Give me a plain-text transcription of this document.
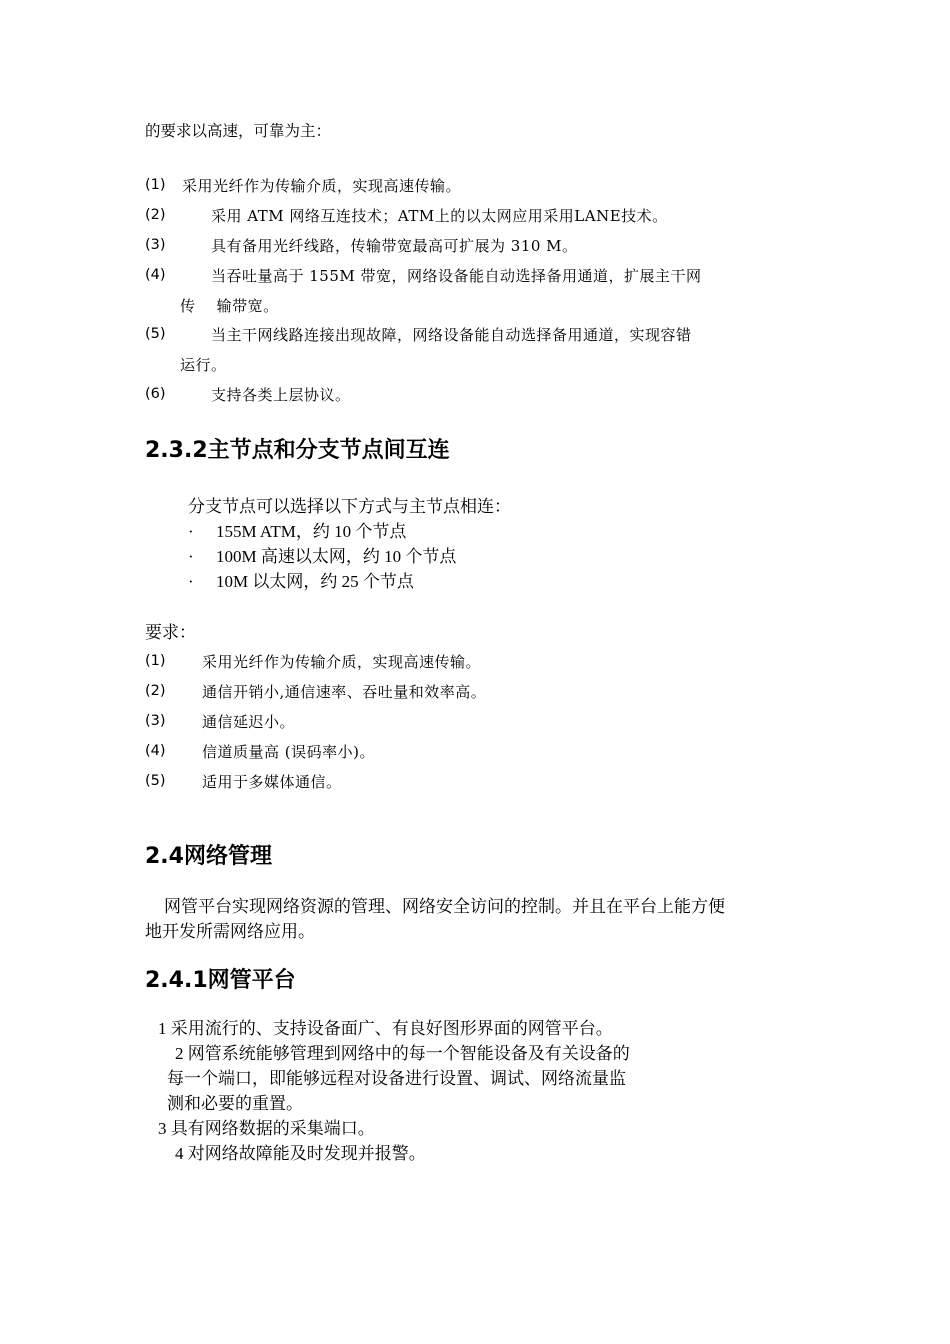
的要求以高速，可靠为主：
(1) 采用光纤作为传输介质，实现高速传输。
(2)	采用 ATM 网络互连技术；ATM上的以太网应用采用LANE技术。
(3)	具有备用光纤线路，传输带宽最高可扩展为 310 M。
(4)	当吞吐量高于 155M 带宽，网络设备能自动选择备用通道，扩展主干网
传    输带宽。
(5)	当主干网线路连接出现故障，网络设备能自动选择备用通道，实现容错
运行。
(6)	支持各类上层协议。
2.3.2主节点和分支节点间互连
分支节点可以选择以下方式与主节点相连：
· 155M ATM，约 10 个节点
· 100M 高速以太网，约 10 个节点
· 10M 以太网，约 25 个节点
要求：
(1) 采用光纤作为传输介质，实现高速传输。
(2) 通信开销小,通信速率、吞吐量和效率高。
(3) 通信延迟小。
(4) 信道质量高 (误码率小)。
(5) 适用于多媒体通信。
2.4网络管理
网管平台实现网络资源的管理、网络安全访问的控制。并且在平台上能方便
地开发所需网络应用。
2.4.1网管平台
1 采用流行的、支持设备面广、有良好图形界面的网管平台。
2 网管系统能够管理到网络中的每一个智能设备及有关设备的
每一个端口，即能够远程对设备进行设置、调试、网络流量监
测和必要的重置。
3 具有网络数据的采集端口。
4 对网络故障能及时发现并报警。
